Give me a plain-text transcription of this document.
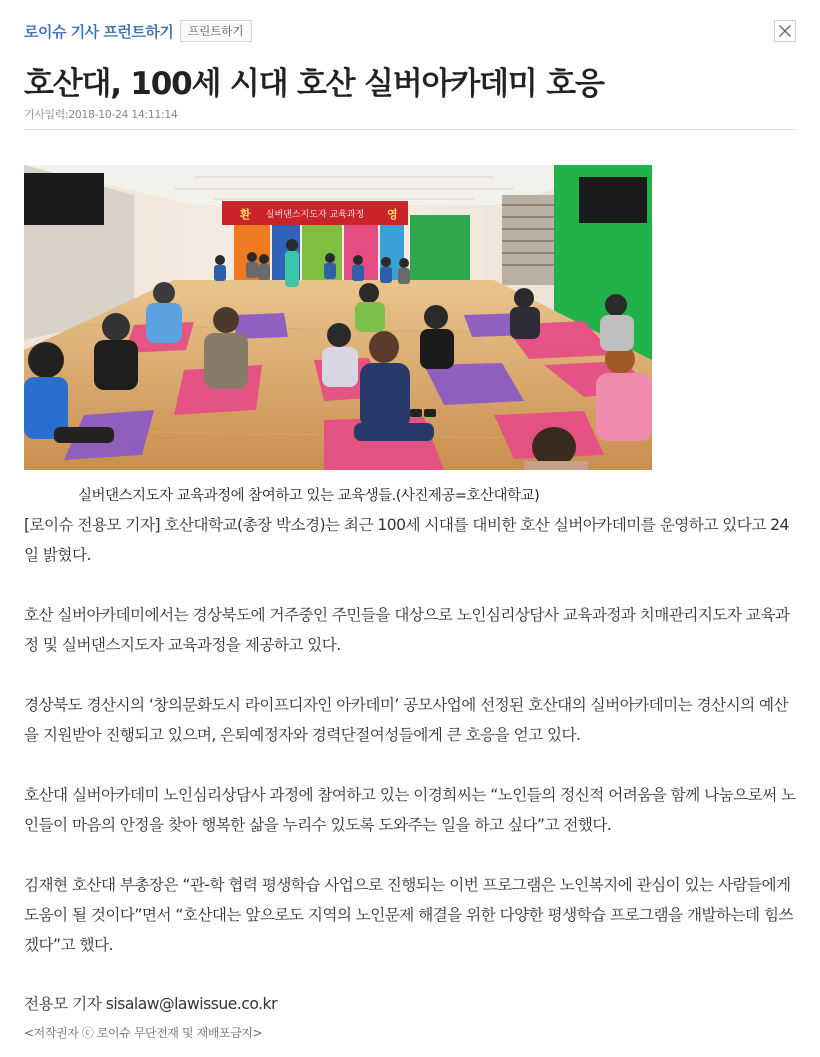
로이슈 기사 프런트하기	프린트하기
호산대, 100세 시대 호산 실버아카데미 호응
기사입력:2018-10-24 14:11:14
환 실버댄스지도자 교육과정 영
실버댄스지도자 교육과정에 참여하고 있는 교육생들.(사진제공=호산대학교)

[로이슈 전용모 기자] 호산대학교(총장 박소경)는 최근 100세 시대를 대비한 호산 실버아카데미를 운영하고 있다고 24일 밝혔다.

호산 실버아카데미에서는 경상북도에 거주중인 주민들을 대상으로 노인심리상담사 교육과정과 치매관리지도자 교육과정 및 실버댄스지도자 교육과정을 제공하고 있다.

경상북도 경산시의 ‘창의문화도시 라이프디자인 아카데미’ 공모사업에 선정된 호산대의 실버아카데미는 경산시의 예산을 지원받아 진행되고 있으며, 은퇴예정자와 경력단절여성들에게 큰 호응을 얻고 있다.

호산대 실버아카데미 노인심리상담사 과정에 참여하고 있는 이경희씨는 “노인들의 정신적 어려움을 함께 나눔으로써 노인들이 마음의 안정을 찾아 행복한 삶을 누리수 있도록 도와주는 일을 하고 싶다”고 전했다.

김재현 호산대 부총장은 “관-학 협력 평생학습 사업으로 진행되는 이번 프로그램은 노인복지에 관심이 있는 사람들에게 도움이 될 것이다”면서 “호산대는 앞으로도 지역의 노인문제 해결을 위한 다양한 평생학습 프로그램을 개발하는데 힘쓰겠다”고 했다.

전용모 기자 sisalaw@lawissue.co.kr
<저작권자 ⓒ 로이슈 무단전재 및 재배포금지>
